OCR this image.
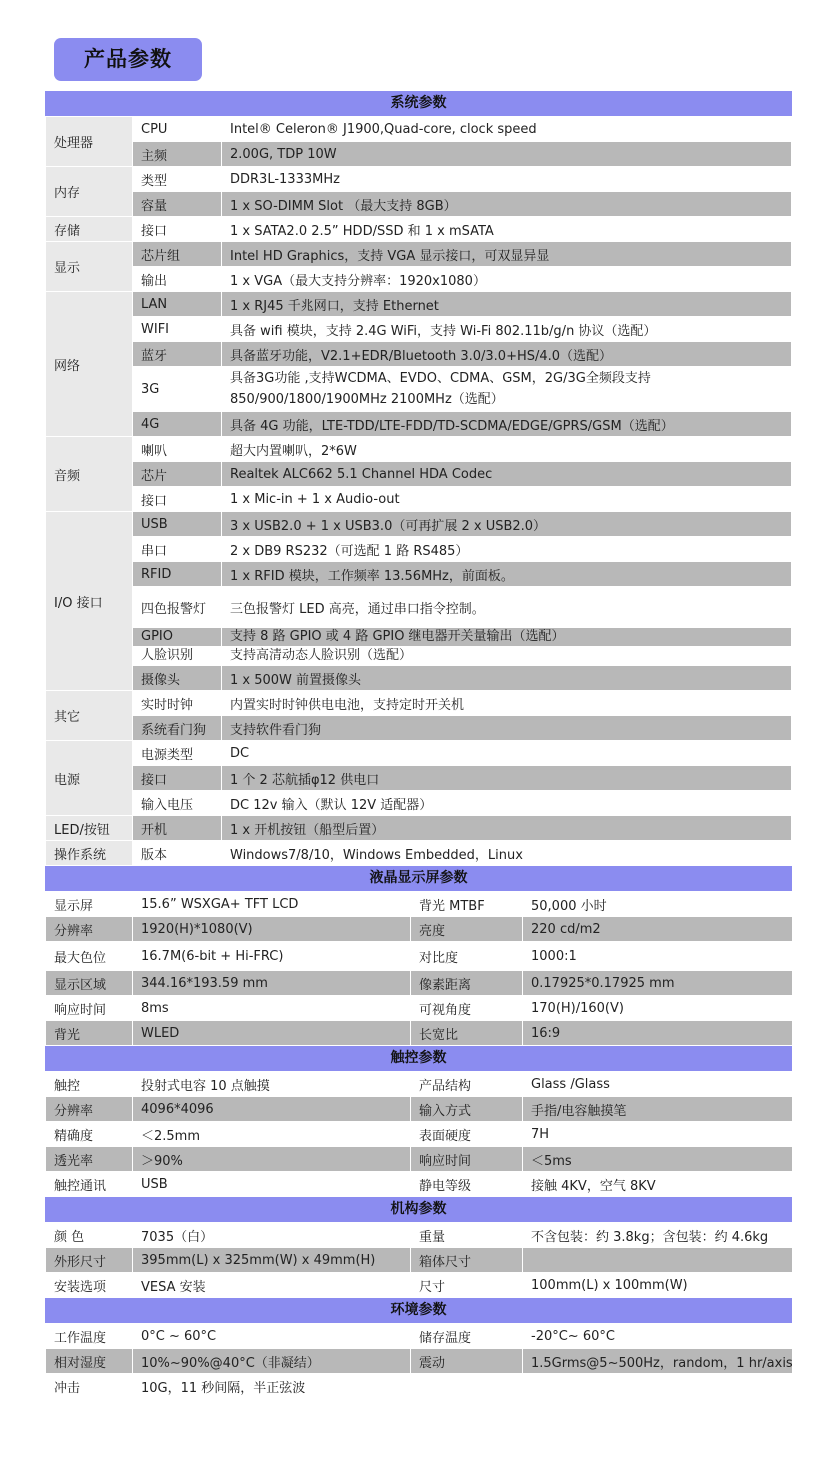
产品参数
系统参数
处理器	CPU	Intel® Celeron® J1900,Quad-core, clock speed
	主频	2.00G, TDP 10W
内存	类型	DDR3L-1333MHz
	容量	1 x SO-DIMM Slot （最大支持 8GB）
存储	接口	1 x SATA2.0 2.5” HDD/SSD 和 1 x mSATA
显示	芯片组	Intel HD Graphics，支持 VGA 显示接口，可双显异显
	输出	1 x VGA（最大支持分辨率：1920x1080）
网络	LAN	1 x RJ45 千兆网口，支持 Ethernet
	WIFI	具备 wifi 模块，支持 2.4G WiFi，支持 Wi-Fi 802.11b/g/n 协议（选配）
	蓝牙	具备蓝牙功能，V2.1+EDR/Bluetooth 3.0/3.0+HS/4.0（选配）
	3G	具备3G功能 ,支持WCDMA、EVDO、CDMA、GSM，2G/3G全频段支持850/900/1800/1900MHz 2100MHz（选配）
	4G	具备 4G 功能，LTE-TDD/LTE-FDD/TD-SCDMA/EDGE/GPRS/GSM（选配）
音频	喇叭	超大内置喇叭，2*6W
	芯片	Realtek ALC662 5.1 Channel HDA Codec
	接口	1 x Mic-in + 1 x Audio-out
I/O 接口	USB	3 x USB2.0 + 1 x USB3.0（可再扩展 2 x USB2.0）
	串口	2 x DB9 RS232（可选配 1 路 RS485）
	RFID	1 x RFID 模块，工作频率 13.56MHz，前面板。
	四色报警灯	三色报警灯 LED 高亮，通过串口指令控制。
	GPIO	支持 8 路 GPIO 或 4 路 GPIO 继电器开关量输出（选配）
	人脸识别	支持高清动态人脸识别（选配）
	摄像头	1 x 500W 前置摄像头
其它	实时时钟	内置实时时钟供电电池，支持定时开关机
	系统看门狗	支持软件看门狗
电源	电源类型	DC
	接口	1 个 2 芯航插φ12 供电口
	输入电压	DC 12v 输入（默认 12V 适配器）
LED/按钮	开机	1 x 开机按钮（船型后置）
操作系统	版本	Windows7/8/10，Windows Embedded，Linux
液晶显示屏参数
显示屏	15.6” WSXGA+ TFT LCD	背光 MTBF	50,000 小时
分辨率	1920(H)*1080(V)	亮度	220 cd/m2
最大色位	16.7M(6-bit + Hi-FRC)	对比度	1000:1
显示区域	344.16*193.59 mm	像素距离	0.17925*0.17925 mm
响应时间	8ms	可视角度	170(H)/160(V)
背光	WLED	长宽比	16:9
触控参数
触控	投射式电容 10 点触摸	产品结构	Glass /Glass
分辨率	4096*4096	输入方式	手指/电容触摸笔
精确度	＜2.5mm	表面硬度	7H
透光率	＞90%	响应时间	＜5ms
触控通讯	USB	静电等级	接触 4KV，空气 8KV
机构参数
颜 色	7035（白）	重量	不含包装：约 3.8kg；含包装：约 4.6kg
外形尺寸	395mm(L) x 325mm(W) x 49mm(H)	箱体尺寸	
安装选项	VESA 安装	尺寸	100mm(L) x 100mm(W)
环境参数
工作温度	0°C ~ 60°C	储存温度	-20°C~ 60°C
相对湿度	10%~90%@40°C（非凝结）	震动	1.5Grms@5~500Hz，random，1 hr/axis
冲击	10G，11 秒间隔，半正弦波		
